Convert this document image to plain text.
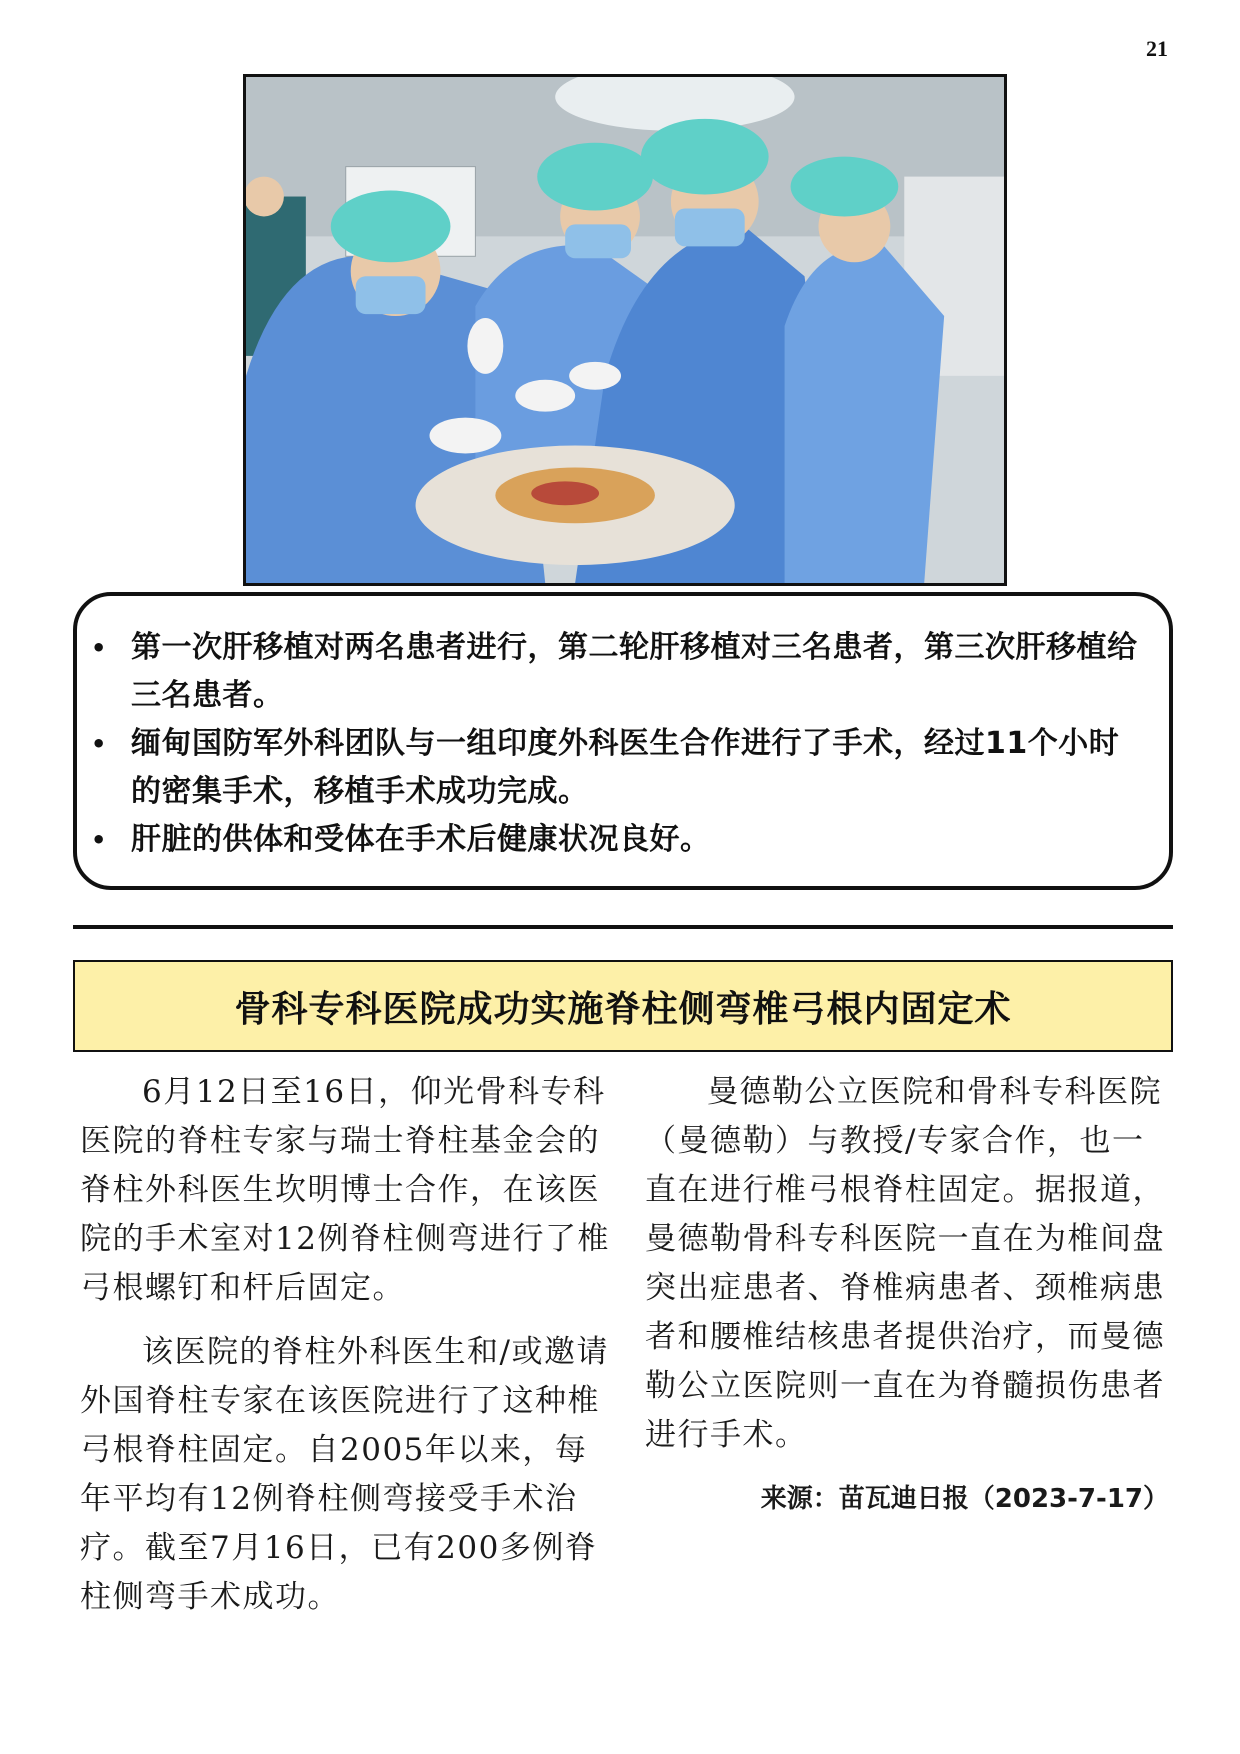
21
• 第一次肝移植对两名患者进行，第二轮肝移植对三名患者，第三次肝移植给三名患者。
• 缅甸国防军外科团队与一组印度外科医生合作进行了手术，经过11个小时的密集手术，移植手术成功完成。
• 肝脏的供体和受体在手术后健康状况良好。
骨科专科医院成功实施脊柱侧弯椎弓根内固定术

6月12日至16日，仰光骨科专科医院的脊柱专家与瑞士脊柱基金会的脊柱外科医生坎明博士合作，在该医院的手术室对12例脊柱侧弯进行了椎弓根螺钉和杆后固定。

该医院的脊柱外科医生和/或邀请外国脊柱专家在该医院进行了这种椎弓根脊柱固定。自2005年以来，每年平均有12例脊柱侧弯接受手术治疗。截至7月16日，已有200多例脊柱侧弯手术成功。

曼德勒公立医院和骨科专科医院（曼德勒）与教授/专家合作，也一直在进行椎弓根脊柱固定。据报道，曼德勒骨科专科医院一直在为椎间盘突出症患者、脊椎病患者、颈椎病患者和腰椎结核患者提供治疗，而曼德勒公立医院则一直在为脊髓损伤患者进行手术。

来源：苗瓦迪日报（2023-7-17）
